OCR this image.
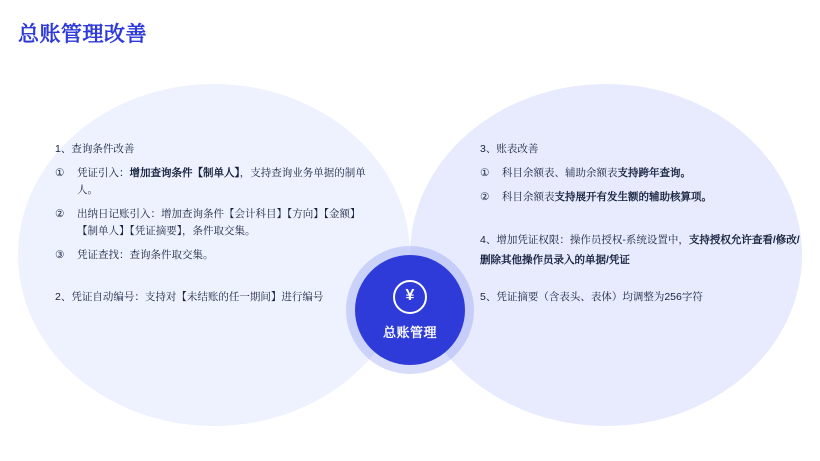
总账管理改善
¥
总账管理
1、查询条件改善
①	凭证引入：增加查询条件【制单人】，支持查询业务单据的制单人。
②	出纳日记账引入：增加查询条件【会计科目】【方向】【金额】【制单人】【凭证摘要】，条件取交集。
③	凭证查找：查询条件取交集。
2、凭证自动编号：支持对【未结账的任一期间】进行编号
3、账表改善
①	科目余额表、辅助余额表支持跨年查询。
②	科目余额表支持展开有发生额的辅助核算项。
4、增加凭证权限：操作员授权-系统设置中，支持授权允许查看/修改/删除其他操作员录入的单据/凭证
5、凭证摘要（含表头、表体）均调整为256字符
